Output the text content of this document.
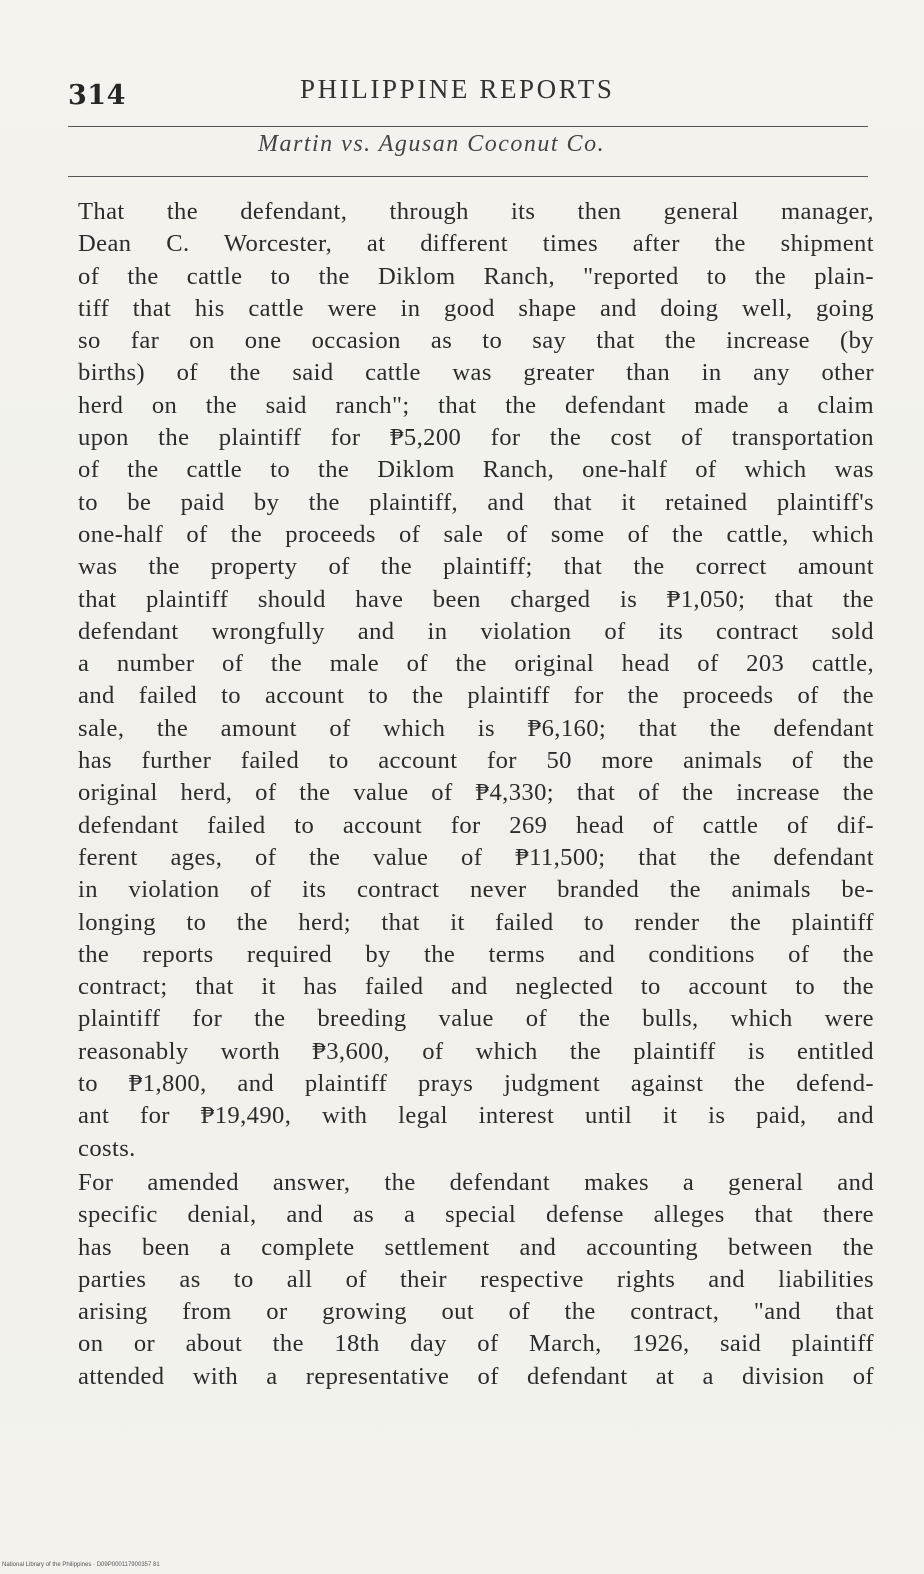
314	PHILIPPINE REPORTS
Martin vs. Agusan Coconut Co.
That the defendant, through its then general manager,
Dean C. Worcester, at different times after the shipment
of the cattle to the Diklom Ranch, "reported to the plain-
tiff that his cattle were in good shape and doing well, going
so far on one occasion as to say that the increase (by
births) of the said cattle was greater than in any other
herd on the said ranch"; that the defendant made a claim
upon the plaintiff for ₱5,200 for the cost of transportation
of the cattle to the Diklom Ranch, one-half of which was
to be paid by the plaintiff, and that it retained plaintiff's
one-half of the proceeds of sale of some of the cattle, which
was the property of the plaintiff; that the correct amount
that plaintiff should have been charged is ₱1,050; that the
defendant wrongfully and in violation of its contract sold
a number of the male of the original head of 203 cattle,
and failed to account to the plaintiff for the proceeds of the
sale, the amount of which is ₱6,160; that the defendant
has further failed to account for 50 more animals of the
original herd, of the value of ₱4,330; that of the increase the
defendant failed to account for 269 head of cattle of dif-
ferent ages, of the value of ₱11,500; that the defendant
in violation of its contract never branded the animals be-
longing to the herd; that it failed to render the plaintiff
the reports required by the terms and conditions of the
contract; that it has failed and neglected to account to the
plaintiff for the breeding value of the bulls, which were
reasonably worth ₱3,600, of which the plaintiff is entitled
to ₱1,800, and plaintiff prays judgment against the defend-
ant for ₱19,490, with legal interest until it is paid, and
costs.
For amended answer, the defendant makes a general and
specific denial, and as a special defense alleges that there
has been a complete settlement and accounting between the
parties as to all of their respective rights and liabilities
arising from or growing out of the contract, "and that
on or about the 18th day of March, 1926, said plaintiff
attended with a representative of defendant at a division of
National Library of the Philippines · D09P000117900357 81
